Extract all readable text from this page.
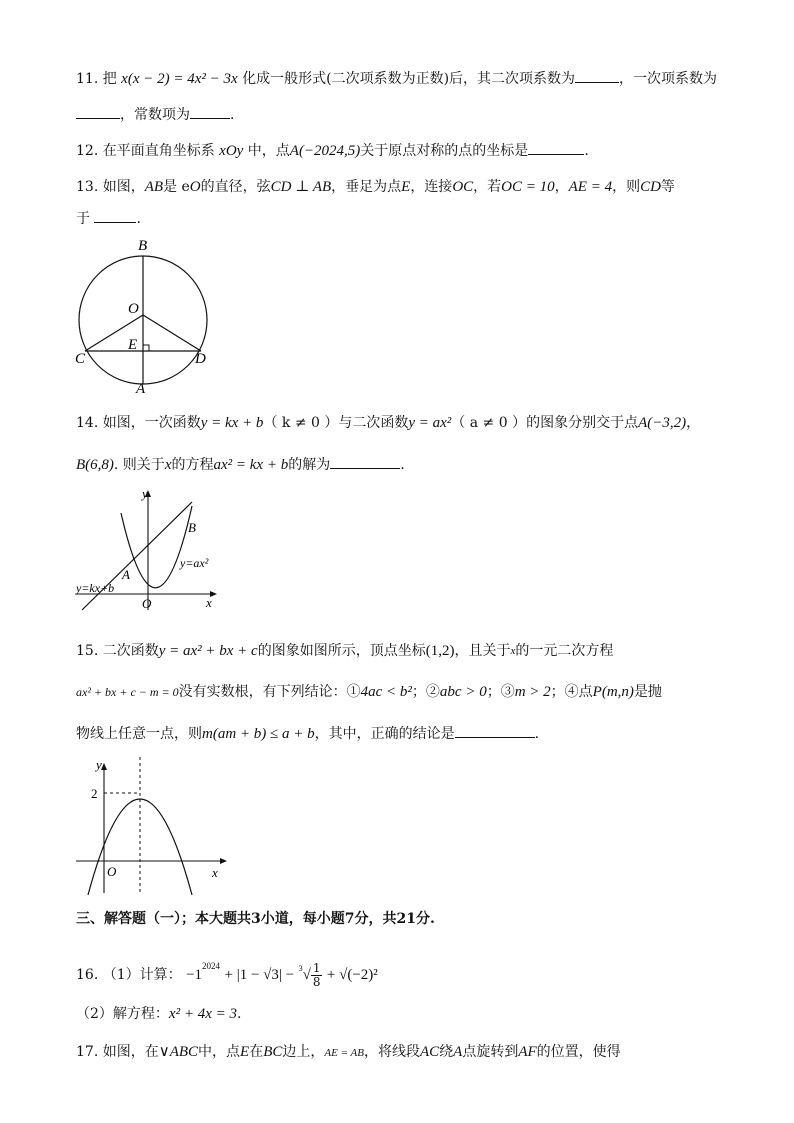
11. 把 x(x − 2) = 4x² − 3x 化成一般形式(二次项系数为正数)后，其二次项系数为	，一次项系数为
，常数项为	.
12. 在平面直角坐标系 xOy 中，点A(−2024,5)关于原点对称的点的坐标是	.
13. 如图，AB是 eO的直径，弦CD ⊥ AB，垂足为点E，连接OC，若OC = 10，AE = 4，则CD等
于	.
B
O
E
C	D
A
14. 如图，一次函数y = kx + b（ k ≠ 0 ）与二次函数y = ax²（ a ≠ 0 ）的图象分别交于点A(−3,2)，
B(6,8). 则关于x的方程ax² = kx + b的解为	.
y
B
y=ax²
A
y=kx+b
O	x
15. 二次函数y = ax² + bx + c的图象如图所示，顶点坐标(1,2)，且关于$^x$的一元二次方程
ax² + bx + c − m = 0没有实数根，有下列结论：①4ac < b²；②abc > 0；③m > 2；④点P(m,n)是抛
物线上任意一点，则m(am + b) ≤ a + b，其中，正确的结论是	.
y
2
O	x
三、解答题（一）；本大题共3小道，每小题7分，共21分.
16. （1）计算： $-1^{2024} + |1 - √3| - ^3√ \frac{1}{8} + √(-2)^2$
（2）解方程：x² + 4x = 3.
17. 如图，在∨ABC中，点E在BC边上，AE = AB，将线段AC绕A点旋转到AF的位置，使得
